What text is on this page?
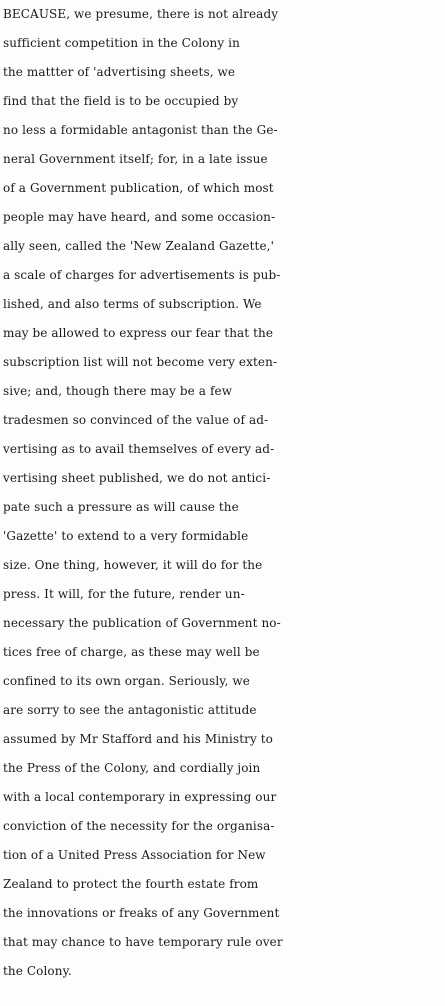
BECAUSE, we presume, there is not already
sufficient competition in the Colony in
the mattter of 'advertising sheets, we
find that the field is to be occupied by
no less a formidable antagonist than the Ge-
neral Government itself; for, in a late issue
of a Government publication, of which most
people may have heard, and some occasion-
ally seen, called the 'New Zealand Gazette,'
a scale of charges for advertisements is pub-
lished, and also terms of subscription. We
may be allowed to express our fear that the
subscription list will not become very exten-
sive; and, though there may be a few
tradesmen so convinced of the value of ad-
vertising as to avail themselves of every ad-
vertising sheet published, we do not antici-
pate such a pressure as will cause the
'Gazette' to extend to a very formidable
size. One thing, however, it will do for the
press. It will, for the future, render un-
necessary the publication of Government no-
tices free of charge, as these may well be
confined to its own organ. Seriously, we
are sorry to see the antagonistic attitude
assumed by Mr Stafford and his Ministry to
the Press of the Colony, and cordially join
with a local contemporary in expressing our
conviction of the necessity for the organisa-
tion of a United Press Association for New
Zealand to protect the fourth estate from
the innovations or freaks of any Government
that may chance to have temporary rule over
the Colony.
